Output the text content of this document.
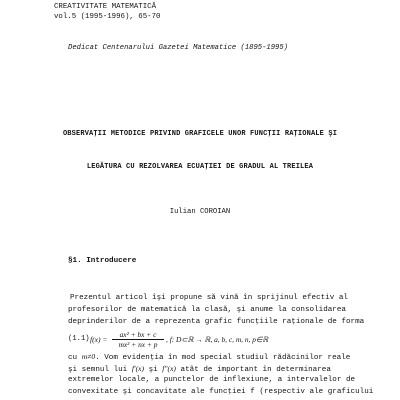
CREATIVITATE MATEMATICĂ
vol.5 (1995-1996), 65-70
Dedicat Centenarului Gazetei Matematice (1895-1995)
OBSERVAŢII METODICE PRIVIND GRAFICELE UNOR FUNCŢII RAŢIONALE ŞI
LEGĂTURA CU REZOLVAREA ECUAŢIEI DE GRADUL AL TREILEA
Iulian COROIAN
§1. Introducere
Prezentul articol îşi propune să vină în sprijinul efectiv al
profesorilor de matematică la clasă, şi anume la consolidarea
deprinderilor de a reprezenta grafic funcţiile raţionale de forma
(1.1) $f(x) = \frac{\text{ax² + bx + c}}{\text{mx² + nx + p}}$ , f: D⊂ℝ → ℝ, a, b, c, m, n, p∈ℝ
cu m≠0. Vom evidenţia în mod special studiul rădăcinilor reale
şi semnul lui f′(x) şi f″(x) atât de important în determinarea
extremelor locale, a punctelor de inflexiune, a intervalelor de
convexitate şi concavitate ale funcţiei f (respectiv ale graficului
